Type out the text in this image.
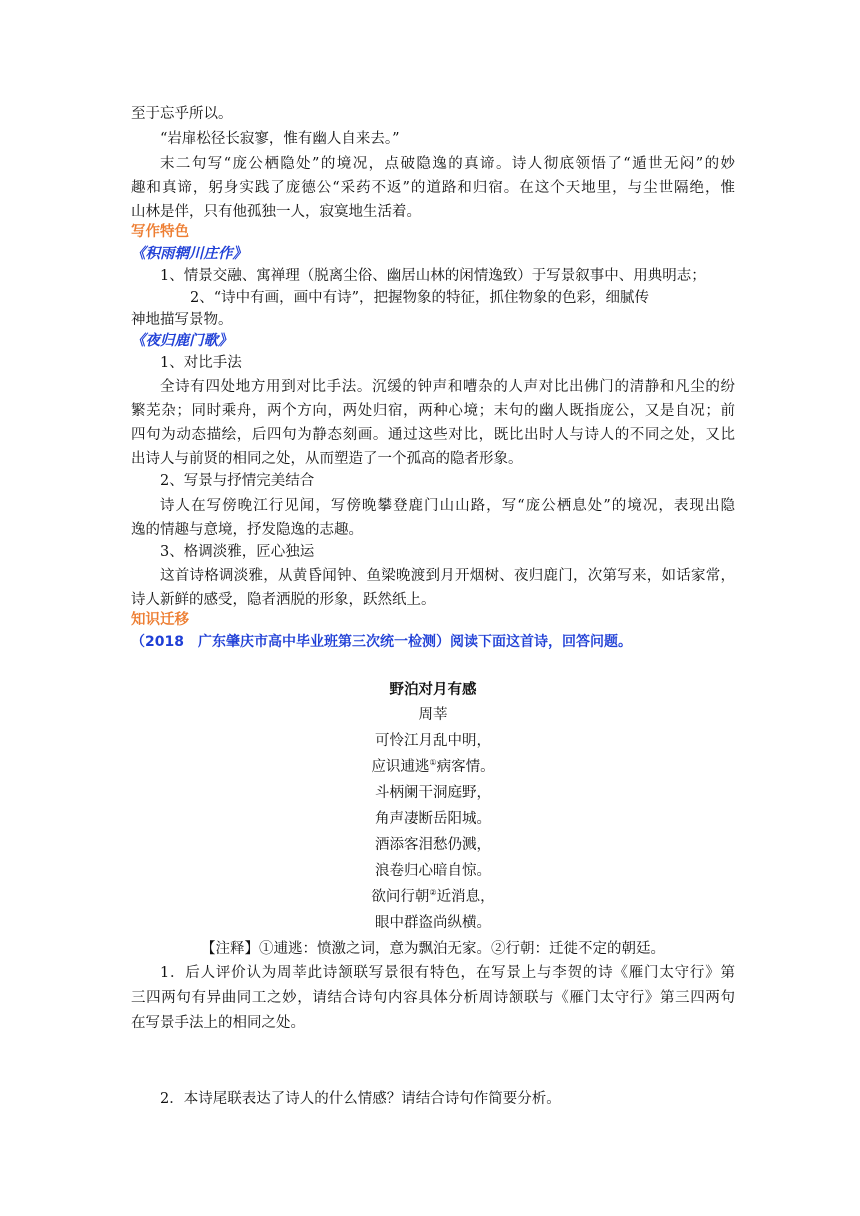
至于忘乎所以。
“岩扉松径长寂寥，惟有幽人自来去。”
末二句写“庞公栖隐处”的境况，点破隐逸的真谛。诗人彻底领悟了“遁世无闷”的妙
趣和真谛，躬身实践了庞德公“采药不返”的道路和归宿。在这个天地里，与尘世隔绝，惟
山林是伴，只有他孤独一人，寂寞地生活着。
写作特色
《积雨辋川庄作》
1、情景交融、寓禅理（脱离尘俗、幽居山林的闲情逸致）于写景叙事中、用典明志；
2、“诗中有画，画中有诗”，把握物象的特征，抓住物象的色彩，细腻传
神地描写景物。
《夜归鹿门歌》
1、对比手法
全诗有四处地方用到对比手法。沉缓的钟声和嘈杂的人声对比出佛门的清静和凡尘的纷
繁芜杂；同时乘舟，两个方向，两处归宿，两种心境；末句的幽人既指庞公，又是自况；前
四句为动态描绘，后四句为静态刻画。通过这些对比，既比出时人与诗人的不同之处，又比
出诗人与前贤的相同之处，从而塑造了一个孤高的隐者形象。
2、写景与抒情完美结合
诗人在写傍晚江行见闻，写傍晚攀登鹿门山山路，写“庞公栖息处”的境况，表现出隐
逸的情趣与意境，抒发隐逸的志趣。
3、格调淡雅，匠心独运
这首诗格调淡雅，从黄昏闻钟、鱼梁晚渡到月开烟树、夜归鹿门，次第写来，如话家常，
诗人新鲜的感受，隐者洒脱的形象，跃然纸上。
知识迁移
（2018　广东肇庆市高中毕业班第三次统一检测）阅读下面这首诗，回答问题。
野泊对月有感
周莘
可怜江月乱中明，
应识逋逃①病客情。
斗柄阑干洞庭野，
角声凄断岳阳城。
酒添客泪愁仍溅，
浪卷归心暗自惊。
欲问行朝②近消息，
眼中群盗尚纵横。
【注释】①逋逃：愤激之词，意为飘泊无家。②行朝：迁徙不定的朝廷。
1．后人评价认为周莘此诗颔联写景很有特色，在写景上与李贺的诗《雁门太守行》第
三四两句有异曲同工之妙，请结合诗句内容具体分析周诗颔联与《雁门太守行》第三四两句
在写景手法上的相同之处。
2．本诗尾联表达了诗人的什么情感？请结合诗句作简要分析。
